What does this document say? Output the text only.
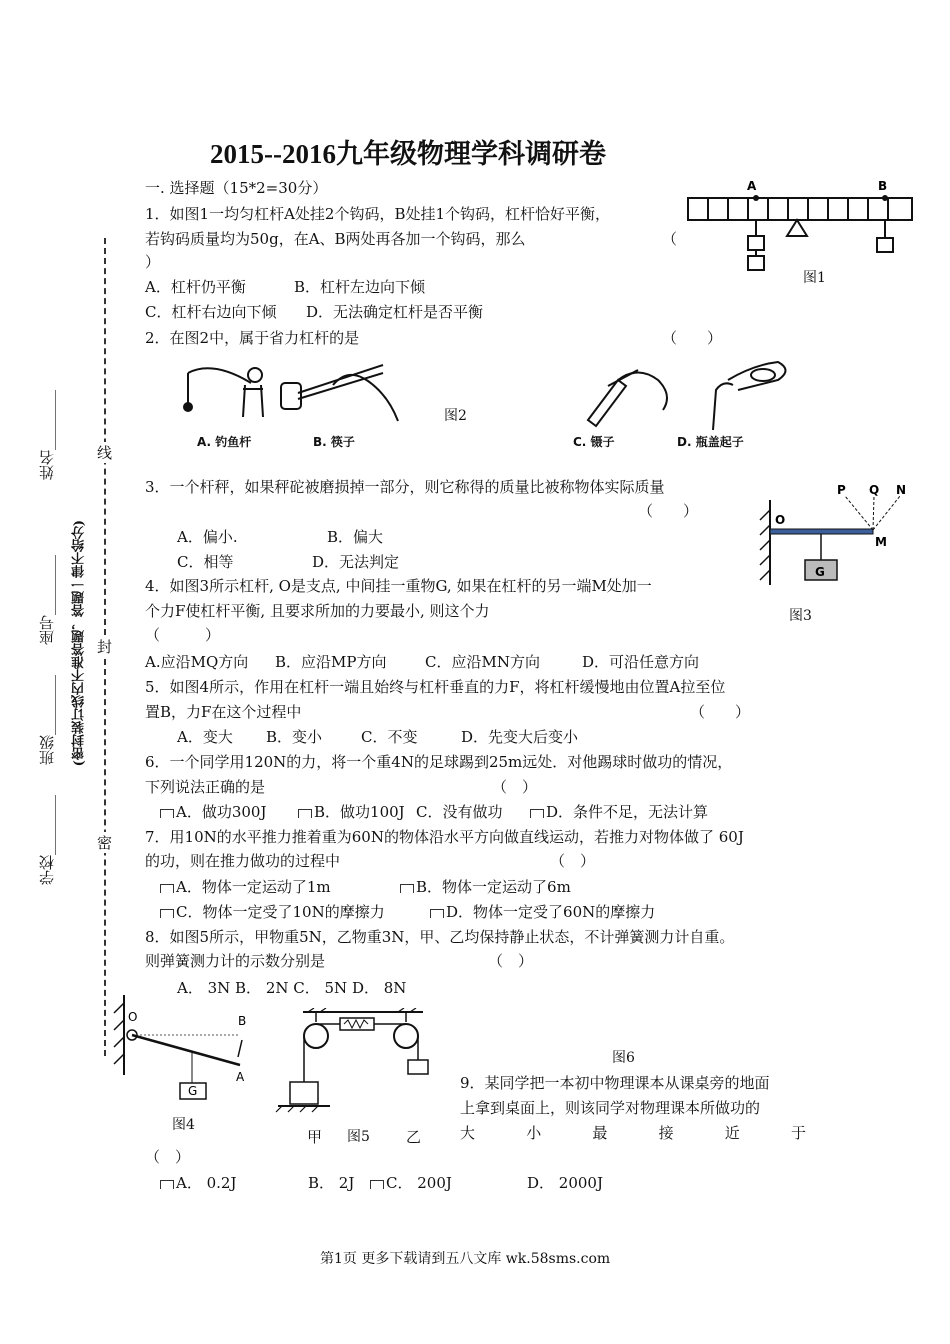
2015--2016九年级物理学科调研卷
一. 选择题（15*2=30分）
学校________
班级________
座号________
姓名________
(密封装订线内不准答题，答题一律不给分)
密
封
线
1．如图1一均匀杠杆A处挂2个钩码，B处挂1个钩码，杠杆恰好平衡，
若钩码质量均为50g，在A、B两处再各加一个钩码，那么	（
）
A．杠杆仍平衡	B．杠杆左边向下倾
C．杠杆右边向下倾 D．无法确定杠杆是否平衡
A	B
图1
2．在图2中，属于省力杠杆的是	（　　）
图2
A. 钓鱼杆	B. 筷子	C. 镊子	D. 瓶盖起子
3．一个杆秤，如果秤砣被磨损掉一部分，则它称得的质量比被称物体实际质量
（　　）
A．偏小.	B．偏大
C．相等	D．无法判定
O
M
G
P Q N
图3
4．如图3所示杠杆, O是支点, 中间挂一重物G, 如果在杠杆的另一端M处加一
个力F使杠杆平衡, 且要求所加的力要最小, 则这个力
（　　　）
A.应沿MQ方向 B．应沿MP方向	C．应沿MN方向	D．可沿任意方向
5．如图4所示，作用在杠杆一端且始终与杠杆垂直的力F，将杠杆缓慢地由位置A拉至位
置B，力F在这个过程中	（　　）
A．变大 B．变小	C．不变	D．先变大后变小
6．一个同学用120N的力，将一个重4N的足球踢到25m远处．对他踢球时做功的情况，
下列说法正确的是	（　）
A．做功300J	B．做功100J C．没有做功	D．条件不足，无法计算
7．用10N的水平推力推着重为60N的物体沿水平方向做直线运动，若推力对物体做了 60J
的功，则在推力做功的过程中	（　）
A．物体一定运动了1m	B．物体一定运动了6m
C．物体一定受了10N的摩擦力	D．物体一定受了60N的摩擦力
8．如图5所示，甲物重5N，乙物重3N，甲、乙均保持静止状态，不计弹簧测力计自重。
则弹簧测力计的示数分别是	（　）
A． 3N B． 2N C． 5N D． 8N
O	B
A
G
图4
甲 图5 乙
图6
9．某同学把一本初中物理课本从课桌旁的地面
上拿到桌面上，则该同学对物理课本所做功的
大	小	最	接	近	于
（　）
A． 0.2J	B． 2J	C． 200J	D． 2000J
第1页 更多下载请到五八文库 wk.58sms.com
